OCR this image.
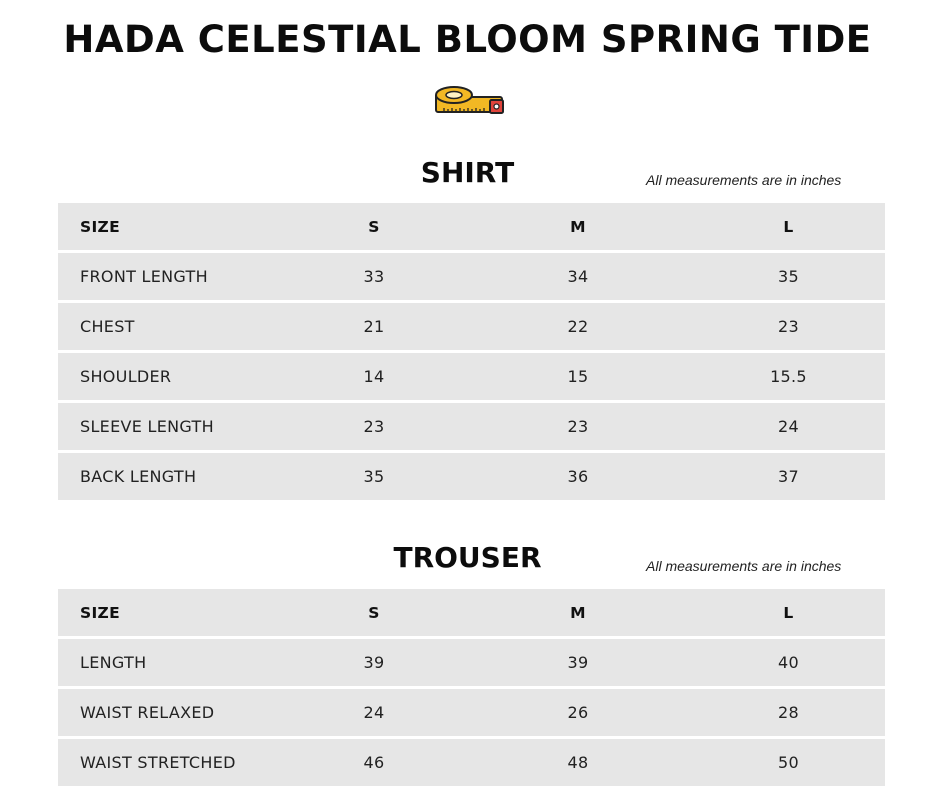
HADA CELESTIAL BLOOM SPRING TIDE
SHIRT	All measurements are in inches
SIZE	S	M	L
FRONT LENGTH	33	34	35
CHEST	21	22	23
SHOULDER	14	15	15.5
SLEEVE LENGTH	23	23	24
BACK LENGTH	35	36	37
TROUSER	All measurements are in inches
SIZE	S	M	L
LENGTH	39	39	40
WAIST RELAXED	24	26	28
WAIST STRETCHED	46	48	50
